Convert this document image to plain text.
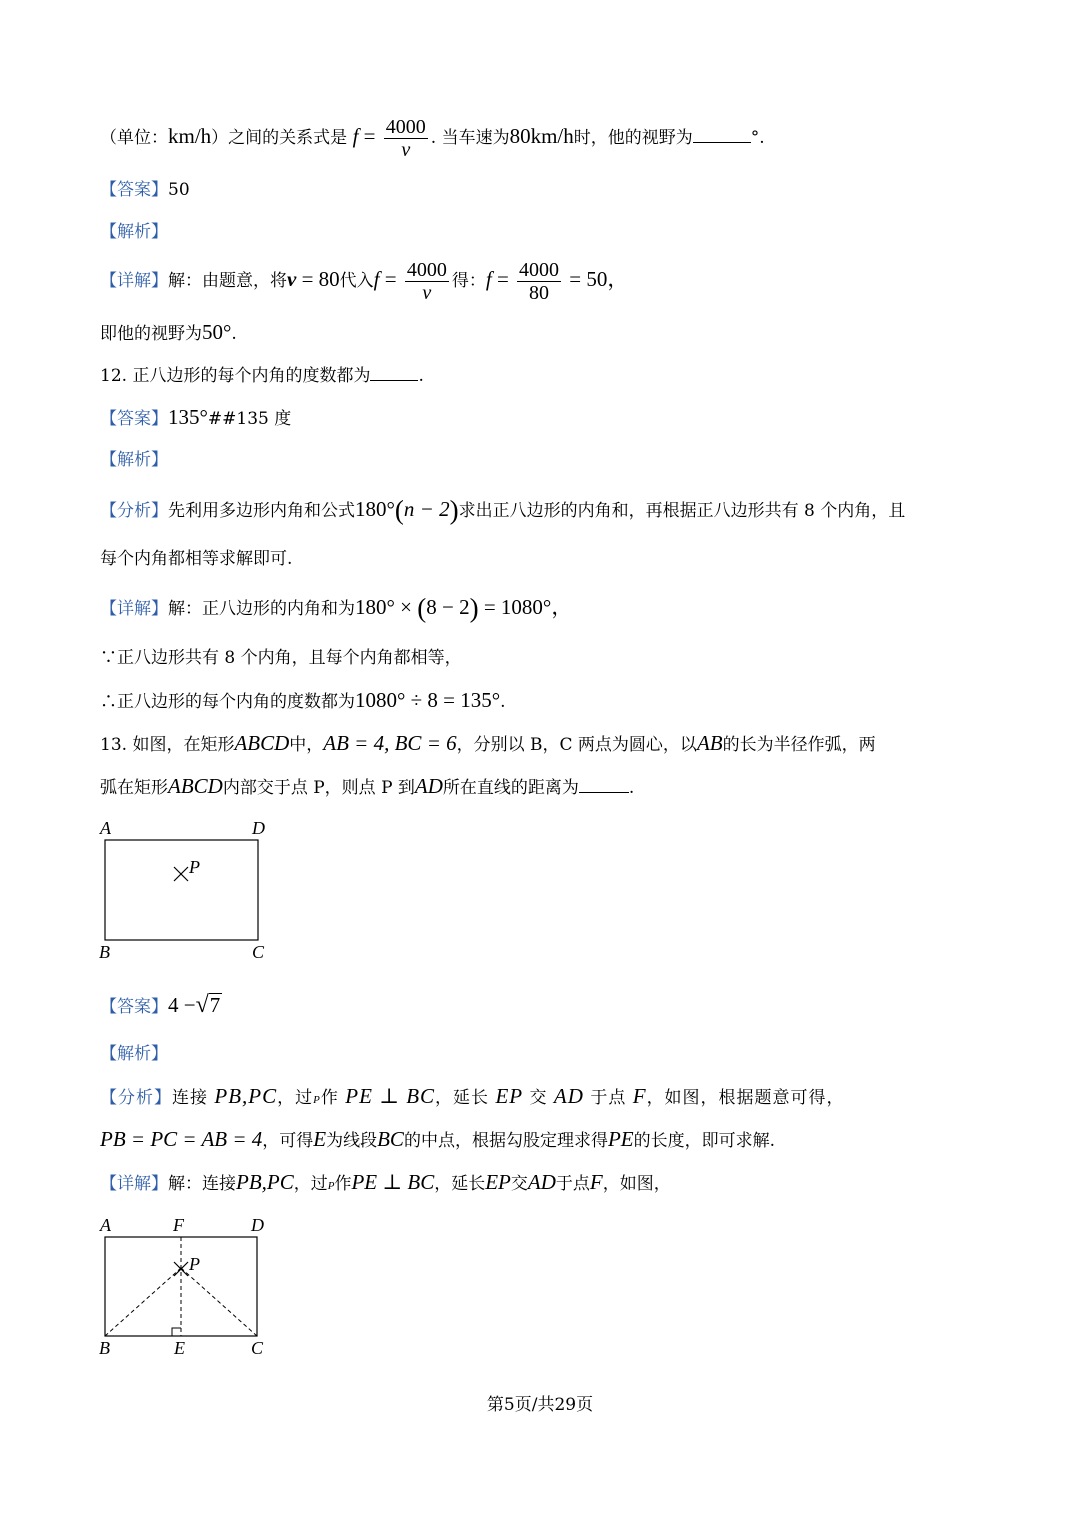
（单位：km/h）之间的关系式是 $f = \frac{4000}{v}$ . 当车速为80km/h时，他的视野为	°.
【答案】50
【解析】
【详解】解：由题意，将v = 80代入$f = \frac{4000}{v}$ 得：$f = \frac{4000}{80} = 50$，
即他的视野为50°.
12. 正八边形的每个内角的度数都为	.
【答案】135°##135 度
【解析】
【分析】先利用多边形内角和公式180°(n − 2)求出正八边形的内角和，再根据正八边形共有 8 个内角，且
每个内角都相等求解即可.
【详解】解：正八边形的内角和为180° × (8 − 2) = 1080°，
∵正八边形共有 8 个内角，且每个内角都相等，
∴正八边形的每个内角的度数都为1080° ÷ 8 = 135°.
13. 如图，在矩形ABCD中，AB = 4, BC = 6，分别以 B，C 两点为圆心，以AB的长为半径作弧，两
弧在矩形ABCD内部交于点 P，则点 P 到AD所在直线的距离为	.
A	D
P
B	C
【答案】4 −√7
【解析】
【分析】连接 PB,PC，过P作 PE ⊥ BC，延长 EP 交 AD 于点 F，如图，根据题意可得，
PB = PC = AB = 4，可得E为线段BC的中点，根据勾股定理求得PE的长度，即可求解.
【详解】解：连接PB,PC，过P作PE ⊥ BC，延长EP交AD于点F，如图，
A	F	D
P
B	E	C
第5页/共29页
